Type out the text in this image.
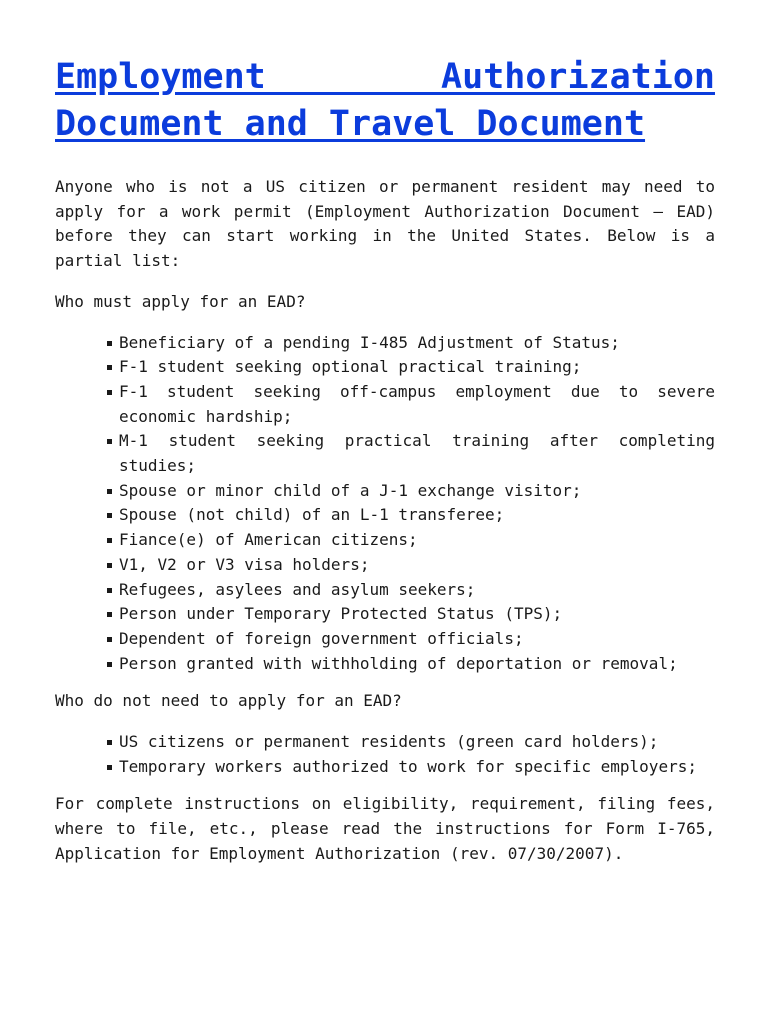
Employment Authorization Document and Travel Document

Anyone who is not a US citizen or permanent resident may need to apply for a work permit (Employment Authorization Document – EAD) before they can start working in the United States. Below is a partial list:

Who must apply for an EAD?

Beneficiary of a pending I-485 Adjustment of Status;
F-1 student seeking optional practical training;
F-1 student seeking off-campus employment due to severe economic hardship;
M-1 student seeking practical training after completing studies;
Spouse or minor child of a J-1 exchange visitor;
Spouse (not child) of an L-1 transferee;
Fiance(e) of American citizens;
V1, V2 or V3 visa holders;
Refugees, asylees and asylum seekers;
Person under Temporary Protected Status (TPS);
Dependent of foreign government officials;
Person granted with withholding of deportation or removal;

Who do not need to apply for an EAD?

US citizens or permanent residents (green card holders);
Temporary workers authorized to work for specific employers;

For complete instructions on eligibility, requirement, filing fees, where to file, etc., please read the instructions for Form I-765, Application for Employment Authorization (rev. 07/30/2007).
